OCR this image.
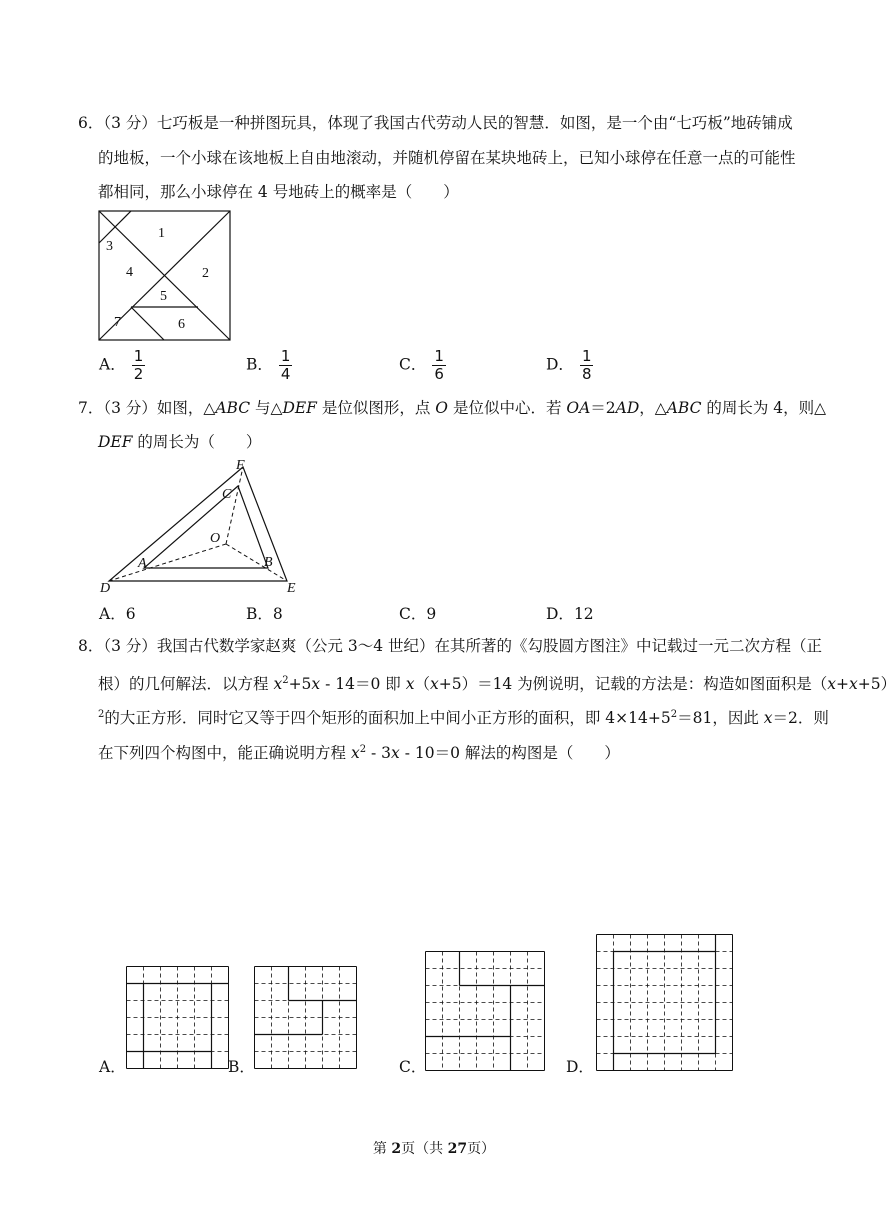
6．（3 分）七巧板是一种拼图玩具，体现了我国古代劳动人民的智慧．如图，是一个由“七巧板”地砖铺成
的地板，一个小球在该地板上自由地滚动，并随机停留在某块地砖上，已知小球停在任意一点的可能性
都相同，那么小球停在 4 号地砖上的概率是（　　）
1
2
3
4
5
6
7
A． $\frac{1}{2}$	B． $\frac{1}{4}$	C． $\frac{1}{6}$	D． $\frac{1}{8}$
7．（3 分）如图，△ABC 与△DEF 是位似图形，点 O 是位似中心．若 OA＝2AD，△ABC 的周长为 4，则△
DEF 的周长为（　　）
F
C
O
A	B
D	E
A．6	B．8	C．9	D．12
8．（3 分）我国古代数学家赵爽（公元 3～4 世纪）在其所著的《勾股圆方图注》中记载过一元二次方程（正
根）的几何解法．以方程 $x^2+5x - 14=0$ 即 x（x+5）＝14 为例说明，记载的方法是：构造如图面积是（x+x+5）
$^2$的大正方形．同时它又等于四个矩形的面积加上中间小正方形的面积，即 $4\times 14+5^2=81$，因此 x＝2．则
在下列四个构图中，能正确说明方程 $x^2 - 3x - 10=0$ 解法的构图是（　　）
A．	B．	C．	D．
第 2页（共 27页）
